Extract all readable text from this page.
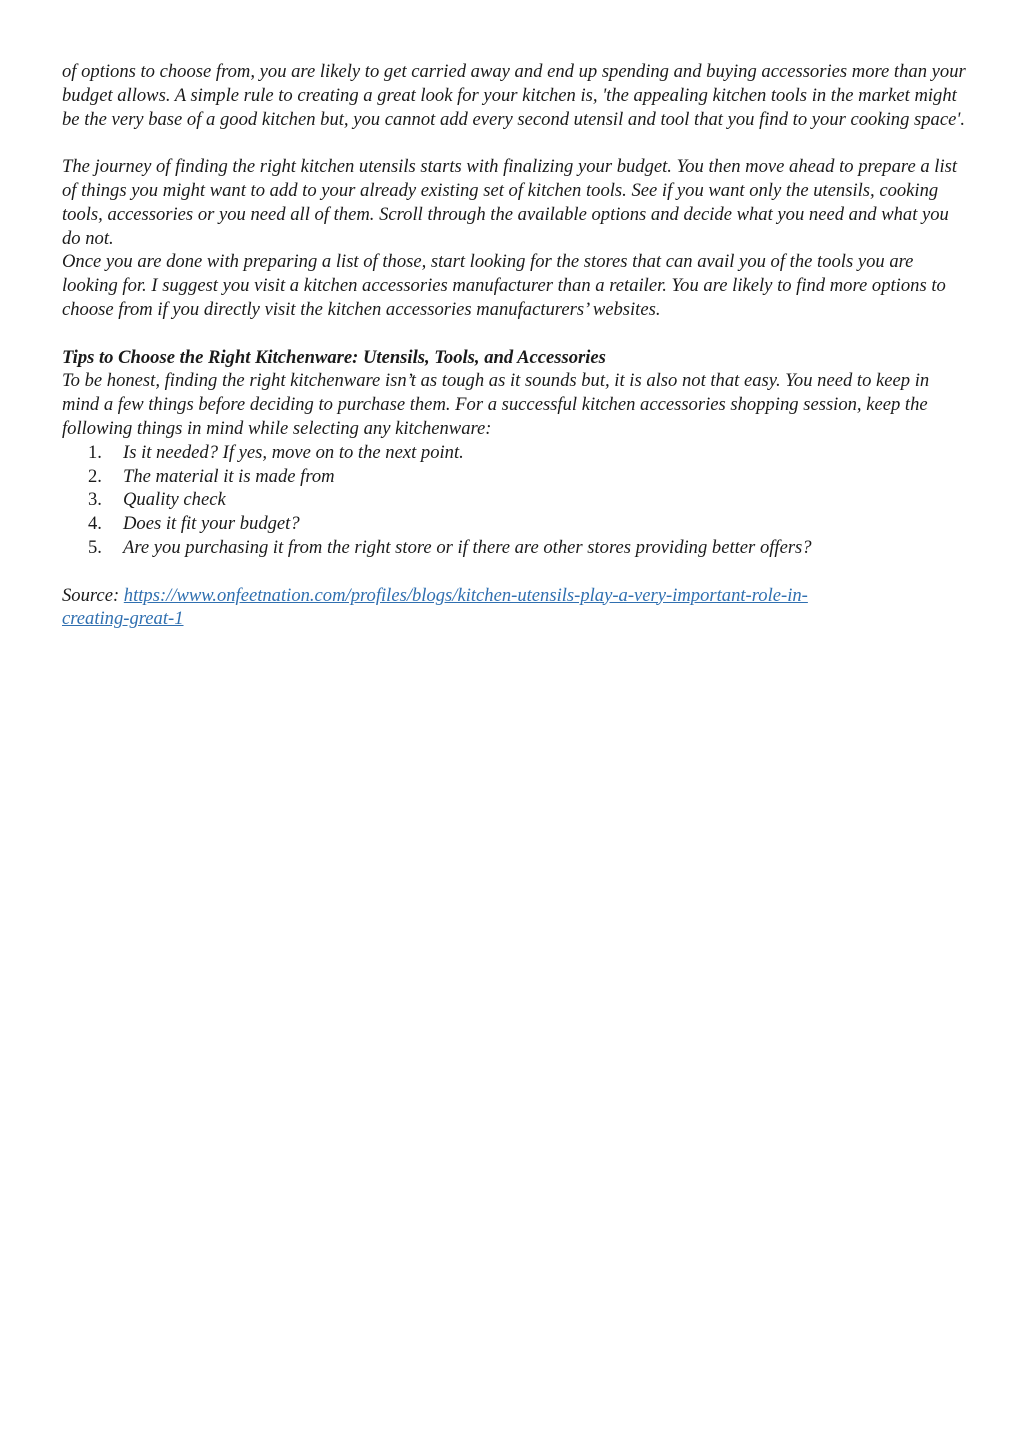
of options to choose from, you are likely to get carried away and end up spending and buying accessories more than your budget allows. A simple rule to creating a great look for your kitchen is, 'the appealing kitchen tools in the market might be the very base of a good kitchen but, you cannot add every second utensil and tool that you find to your cooking space'.

The journey of finding the right kitchen utensils starts with finalizing your budget. You then move ahead to prepare a list of things you might want to add to your already existing set of kitchen tools. See if you want only the utensils, cooking tools, accessories or you need all of them. Scroll through the available options and decide what you need and what you do not.

Once you are done with preparing a list of those, start looking for the stores that can avail you of the tools you are looking for. I suggest you visit a kitchen accessories manufacturer than a retailer. You are likely to find more options to choose from if you directly visit the kitchen accessories manufacturers’ websites.

Tips to Choose the Right Kitchenware: Utensils, Tools, and Accessories

To be honest, finding the right kitchenware isn’t as tough as it sounds but, it is also not that easy. You need to keep in mind a few things before deciding to purchase them. For a successful kitchen accessories shopping session, keep the following things in mind while selecting any kitchenware:

1.	Is it needed? If yes, move on to the next point.
2.	The material it is made from
3.	Quality check
4.	Does it fit your budget?
5.	Are you purchasing it from the right store or if there are other stores providing better offers?

Source: https://www.onfeetnation.com/profiles/blogs/kitchen-utensils-play-a-very-important-role-in-
creating-great-1
